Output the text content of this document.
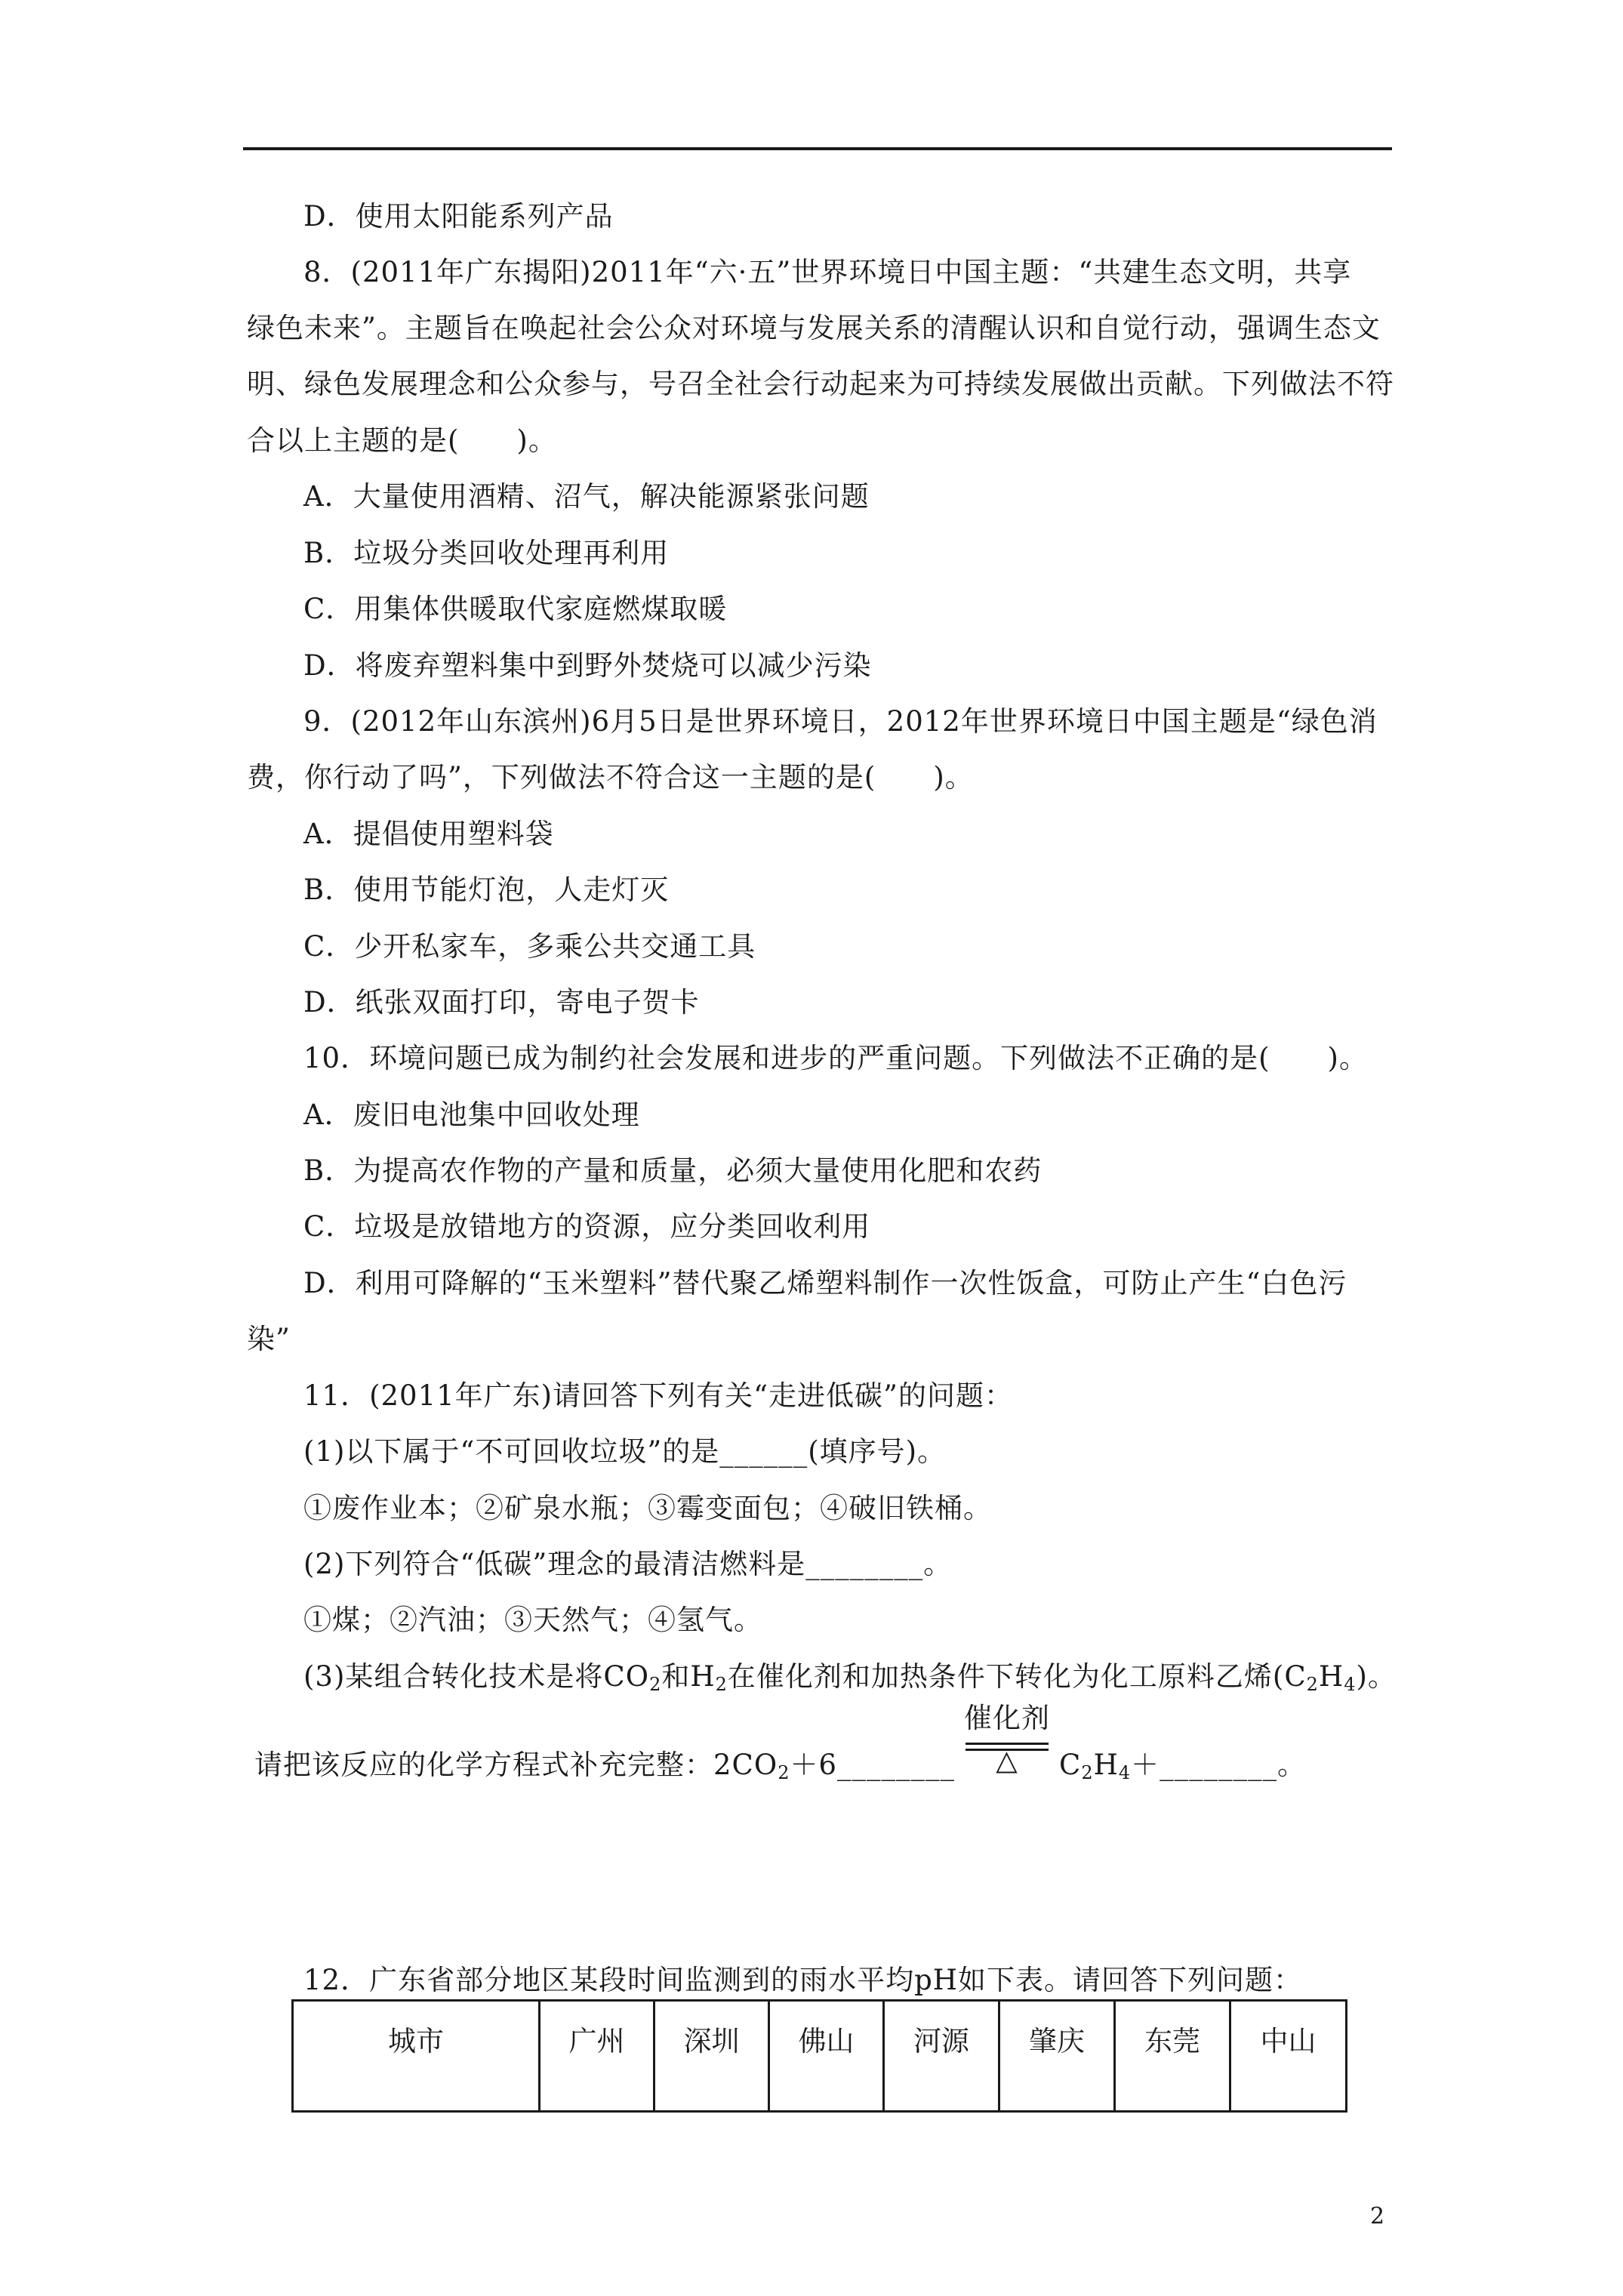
D．使用太阳能系列产品
8．(2011年广东揭阳)2011年“六·五”世界环境日中国主题：“共建生态文明，共享
绿色未来”。主题旨在唤起社会公众对环境与发展关系的清醒认识和自觉行动，强调生态文
明、绿色发展理念和公众参与，号召全社会行动起来为可持续发展做出贡献。下列做法不符
合以上主题的是(　　)。
A．大量使用酒精、沼气，解决能源紧张问题
B．垃圾分类回收处理再利用
C．用集体供暖取代家庭燃煤取暖
D．将废弃塑料集中到野外焚烧可以减少污染
9．(2012年山东滨州)6月5日是世界环境日，2012年世界环境日中国主题是“绿色消
费，你行动了吗”，下列做法不符合这一主题的是(　　)。
A．提倡使用塑料袋
B．使用节能灯泡，人走灯灭
C．少开私家车，多乘公共交通工具
D．纸张双面打印，寄电子贺卡
10．环境问题已成为制约社会发展和进步的严重问题。下列做法不正确的是(　　)。
A．废旧电池集中回收处理
B．为提高农作物的产量和质量，必须大量使用化肥和农药
C．垃圾是放错地方的资源，应分类回收利用
D．利用可降解的“玉米塑料”替代聚乙烯塑料制作一次性饭盒，可防止产生“白色污
染”
11．(2011年广东)请回答下列有关“走进低碳”的问题：
(1)以下属于“不可回收垃圾”的是______(填序号)。
①废作业本；②矿泉水瓶；③霉变面包；④破旧铁桶。
(2)下列符合“低碳”理念的最清洁燃料是________。
①煤；②汽油；③天然气；④氢气。
(3)某组合转化技术是将$CO_2$和$H_2$在催化剂和加热条件下转化为化工原料乙烯$(C_2H_4)$。
请把该反应的化学方程式补充完整：$2CO_2+6\_\_\_\_\_\_\_\_$
催化剂
△	$C_2H_4+\_\_\_\_\_\_\_\_$。
12．广东省部分地区某段时间监测到的雨水平均pH如下表。请回答下列问题：
城市	广州	深圳	佛山	河源	肇庆	东莞	中山
2
